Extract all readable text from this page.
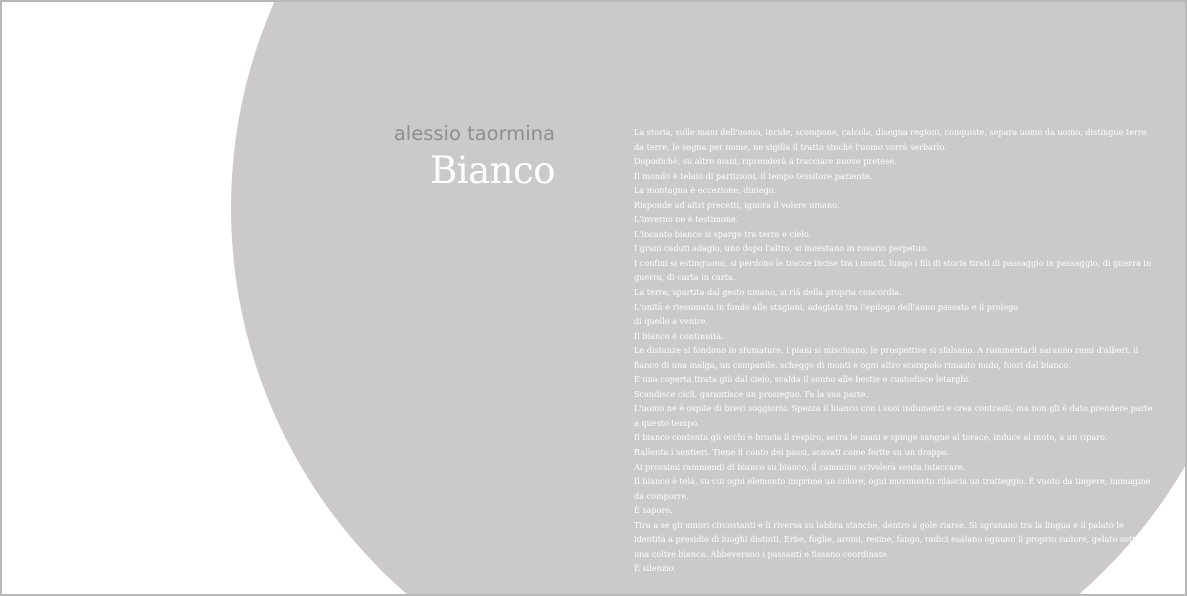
alessio taormina
Bianco

La storia, sulle mani dell'uomo, incide, scompone, calcola, disegna regioni, conquiste, separa uomo da uomo, distingue terre da terre, le segna per nome, ne sigilla il tratto sinché l'uomo vorrà serbarlo.

Dopodiché, su altre mani, riprenderà a tracciare nuove pretese.

Il mondo è telaio di partizioni, il tempo tessitore paziente.

La montagna è eccezione, diniego.

Risponde ad altri precetti, ignora il volere umano.

L'inverno ne è testimone.

L'incanto bianco si sparge tra terra e cielo.

I grani caduti adagio, uno dopo l'altro, si innestano in rosario perpetuo.

I confini si estinguono, si perdono le tracce incise tra i monti, lungo i fili di storia tirati di passaggio in passaggio, di guerra in guerra, di carta in carta.

La terra, spartita dal gesto umano, si riá della propria concordia.

L'unità è riesumata in fondo alle stagioni, adagiata tra l'epilogo dell'anno passato e il prologo

di quello a venire.

Il bianco è continuità.

Le distanze si fondono in sfumature, i piani si mischiano, le prospettive si sfalsano. A rammentarli saranno rami d'alberi, il fianco di una malga, un campanile, schegge di monti e ogni altro scampolo rimasto nudo, fuori dal bianco.

È una coperta tirata giù dal cielo, scalda il sonno alle bestie e custodisce letarghi.

Scandisce cicli, garantisce un prosieguo. Fa la sua parte.

L'uomo ne è ospite di brevi soggiorni. Spezza il bianco con i suoi indumenti e crea contrasti, ma non gli è dato prendere parte a questo tempo.

Il bianco contenta gli occhi e brucia il respiro, serra le mani e spinge sangue al torace, induce al moto, a un riparo.

Rallenta i sentieri. Tiene il conto dei passi, scavati come ferite su un drappo.

Ai prossimi rammendi di bianco su bianco, il cammino scivolerà senza intaccare.

Il bianco è tela, su cui ogni elemento imprime un colore, ogni movimento rilascia un tratteggio. È vuoto da tingere, immagine da comporre.

È sapore.

Tira a sé gli umori circostanti e li riversa su labbra stanche, dentro a gole riarse. Si sgranano tra la lingua e il palato le identità a presidio di luoghi distinti. Erbe, foglie, aromi, resine, fango, radici esalano ognuno il proprio sudore, gelato sotto una coltre bianca. Abbeverano i passanti e fissano coordinate.

È silenzio.
